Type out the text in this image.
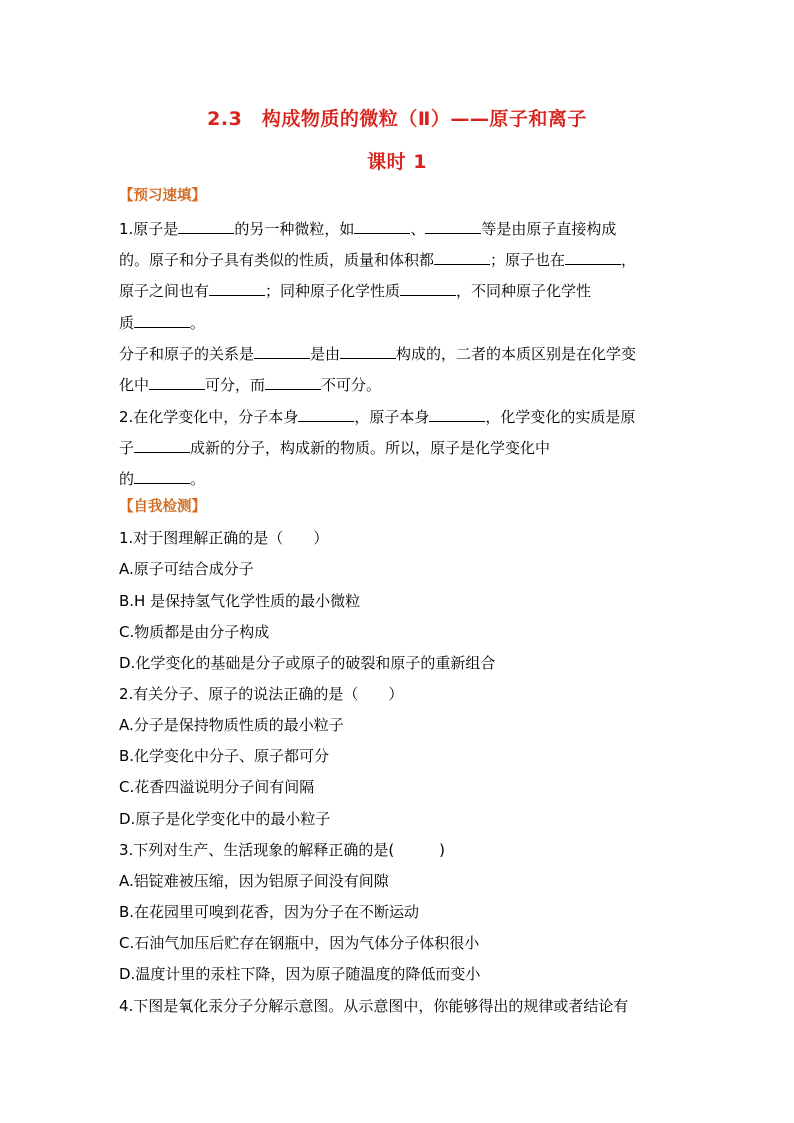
2.3　构成物质的微粒（Ⅱ）——原子和离子
课时 1
【预习速填】
1.原子是	的另一种微粒，如	、	等是由原子直接构成
的。原子和分子具有类似的性质，质量和体积都	；原子也在	，
原子之间也有	；同种原子化学性质	，不同种原子化学性
质	。
分子和原子的关系是	是由	构成的，二者的本质区别是在化学变
化中	可分，而	不可分。
2.在化学变化中，分子本身	，原子本身	，化学变化的实质是原
子	成新的分子，构成新的物质。所以，原子是化学变化中
的	。
【自我检测】
1.对于图理解正确的是（　　）
A.原子可结合成分子
B.H 是保持氢气化学性质的最小微粒
C.物质都是由分子构成
D.化学变化的基础是分子或原子的破裂和原子的重新组合
2.有关分子、原子的说法正确的是（　　）
A.分子是保持物质性质的最小粒子
B.化学变化中分子、原子都可分
C.花香四溢说明分子间有间隔
D.原子是化学变化中的最小粒子
3.下列对生产、生活现象的解释正确的是(　　　)
A.铝锭难被压缩，因为铝原子间没有间隙
B.在花园里可嗅到花香，因为分子在不断运动
C.石油气加压后贮存在钢瓶中，因为气体分子体积很小
D.温度计里的汞柱下降，因为原子随温度的降低而变小
4.下图是氧化汞分子分解示意图。从示意图中，你能够得出的规律或者结论有
